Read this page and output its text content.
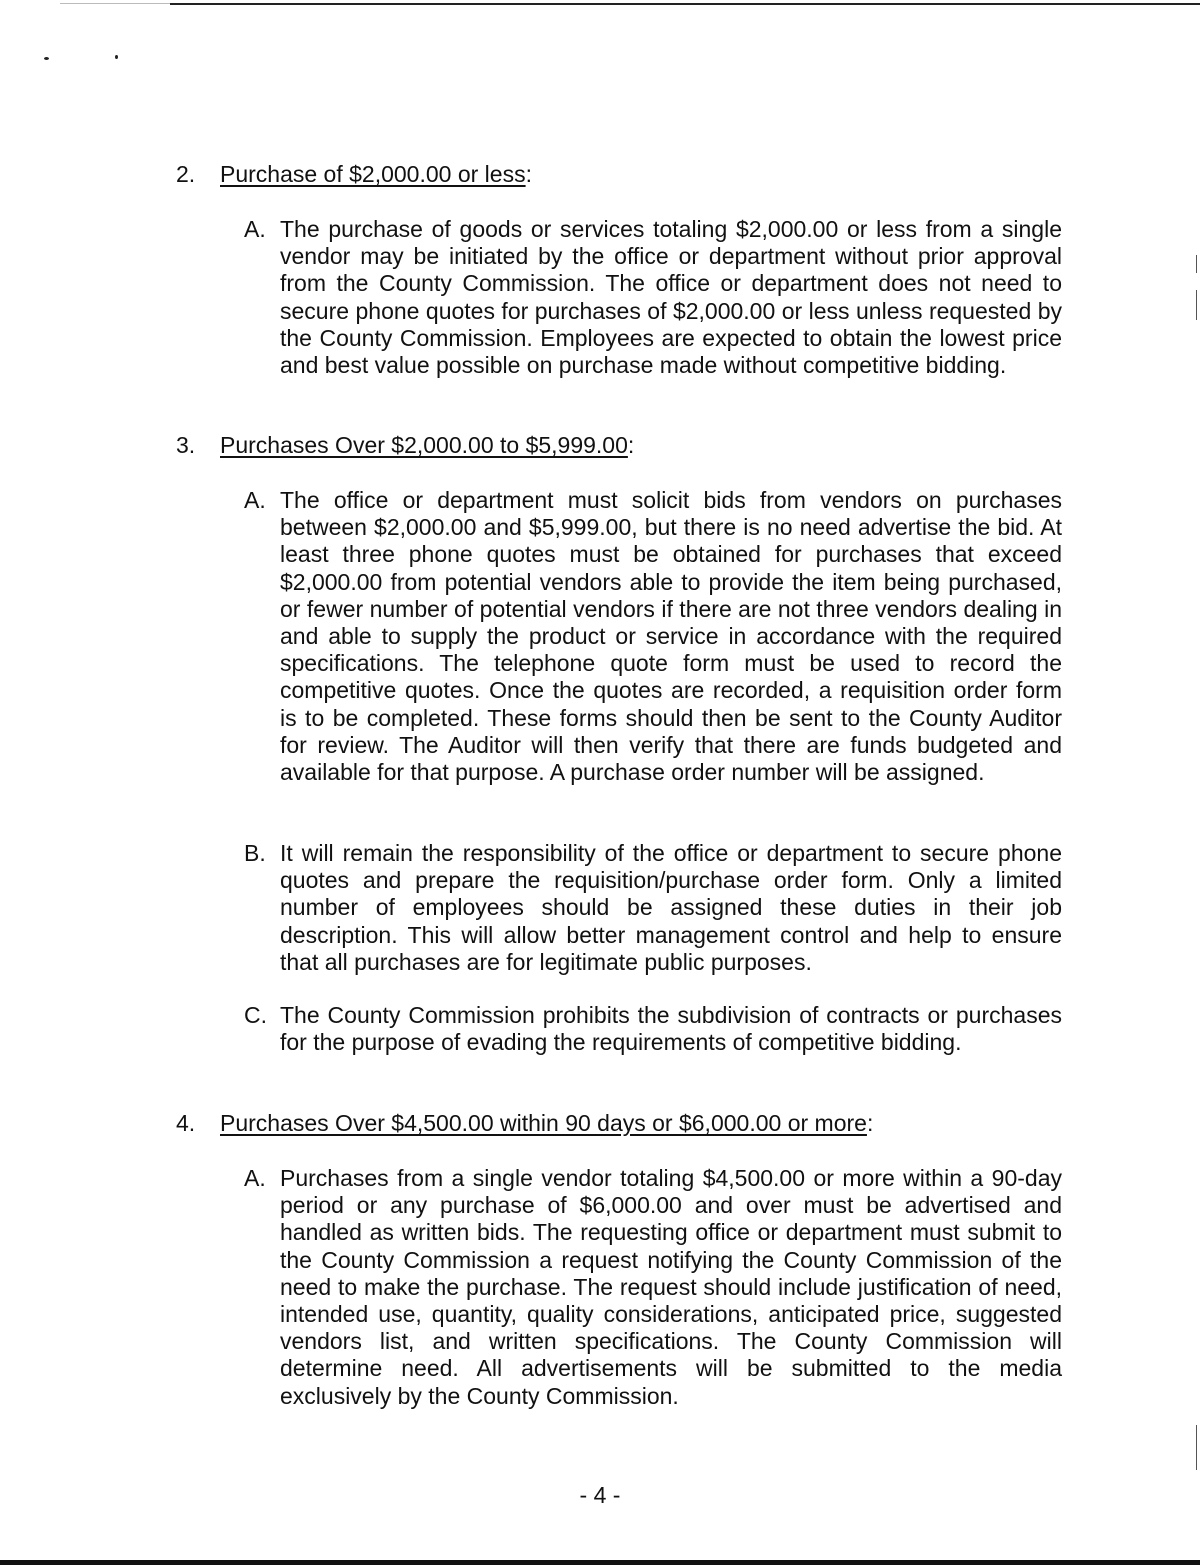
2. Purchase of $2,000.00 or less:
A. The purchase of goods or services totaling $2,000.00 or less from a single vendor may be initiated by the office or department without prior approval from the County Commission. The office or department does not need to secure phone quotes for purchases of $2,000.00 or less unless requested by the County Commission. Employees are expected to obtain the lowest price and best value possible on purchase made without competitive bidding.
3. Purchases Over $2,000.00 to $5,999.00:
A. The office or department must solicit bids from vendors on purchases between $2,000.00 and $5,999.00, but there is no need advertise the bid. At least three phone quotes must be obtained for purchases that exceed $2,000.00 from potential vendors able to provide the item being purchased, or fewer number of potential vendors if there are not three vendors dealing in and able to supply the product or service in accordance with the required specifications. The telephone quote form must be used to record the competitive quotes. Once the quotes are recorded, a requisition order form is to be completed. These forms should then be sent to the County Auditor for review. The Auditor will then verify that there are funds budgeted and available for that purpose. A purchase order number will be assigned.
B. It will remain the responsibility of the office or department to secure phone quotes and prepare the requisition/purchase order form. Only a limited number of employees should be assigned these duties in their job description. This will allow better management control and help to ensure that all purchases are for legitimate public purposes.
C. The County Commission prohibits the subdivision of contracts or purchases for the purpose of evading the requirements of competitive bidding.
4. Purchases Over $4,500.00 within 90 days or $6,000.00 or more:
A. Purchases from a single vendor totaling $4,500.00 or more within a 90-day period or any purchase of $6,000.00 and over must be advertised and handled as written bids. The requesting office or department must submit to the County Commission a request notifying the County Commission of the need to make the purchase. The request should include justification of need, intended use, quantity, quality considerations, anticipated price, suggested vendors list, and written specifications. The County Commission will determine need. All advertisements will be submitted to the media exclusively by the County Commission.
- 4 -
